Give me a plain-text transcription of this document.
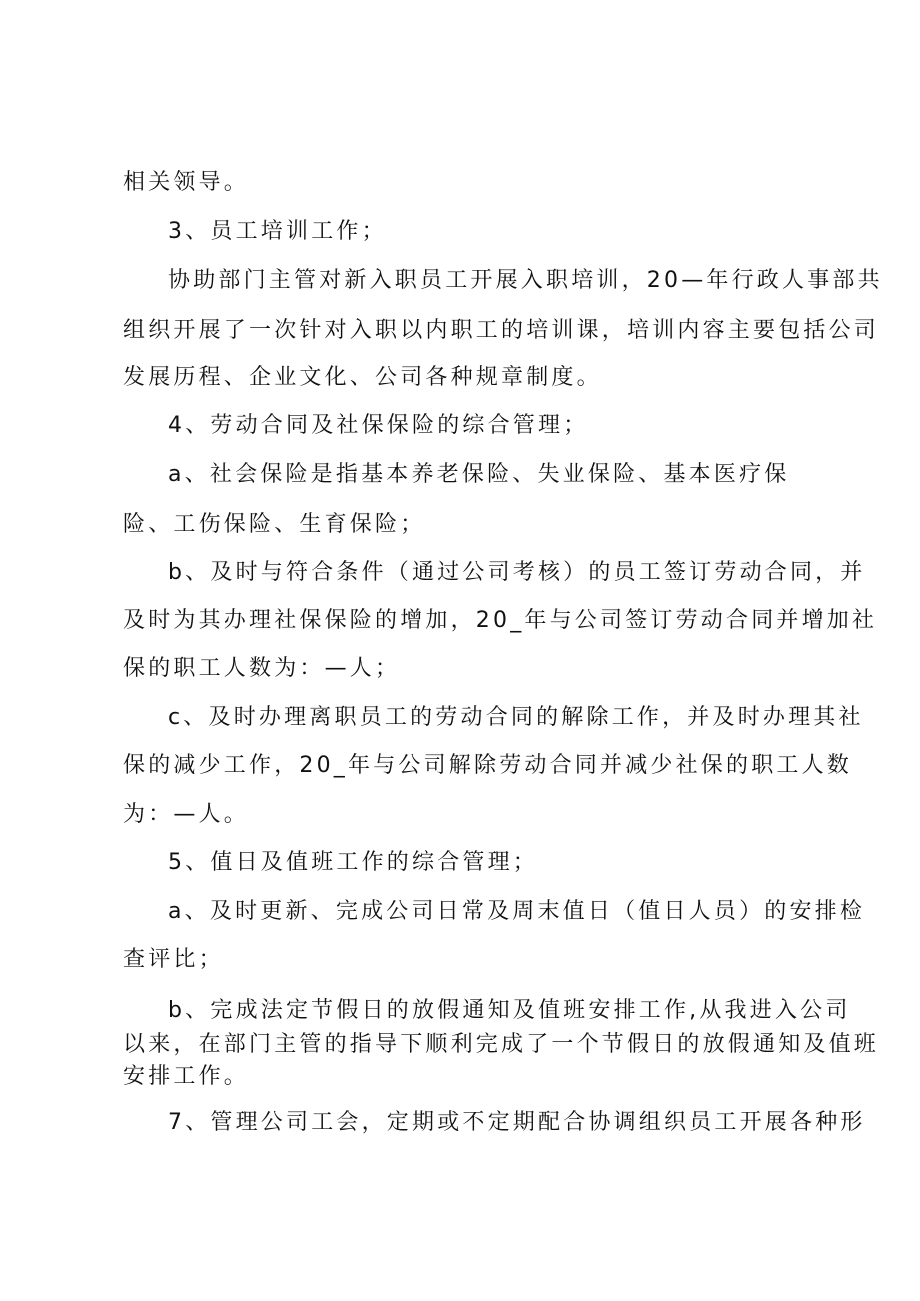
相关领导。
3、员工培训工作；
协助部门主管对新入职员工开展入职培训，20—年行政人事部共
组织开展了一次针对入职以内职工的培训课，培训内容主要包括公司
发展历程、企业文化、公司各种规章制度。
4、劳动合同及社保保险的综合管理；
a、社会保险是指基本养老保险、失业保险、基本医疗保
险、工伤保险、生育保险；
b、及时与符合条件（通过公司考核）的员工签订劳动合同，并
及时为其办理社保保险的增加，20_年与公司签订劳动合同并增加社
保的职工人数为：—人；
c、及时办理离职员工的劳动合同的解除工作，并及时办理其社
保的减少工作，20_年与公司解除劳动合同并减少社保的职工人数
为：—人。
5、值日及值班工作的综合管理；
a、及时更新、完成公司日常及周末值日（值日人员）的安排检
查评比；
b、完成法定节假日的放假通知及值班安排工作,从我进入公司
以来，在部门主管的指导下顺利完成了一个节假日的放假通知及值班
安排工作。
7、管理公司工会，定期或不定期配合协调组织员工开展各种形
